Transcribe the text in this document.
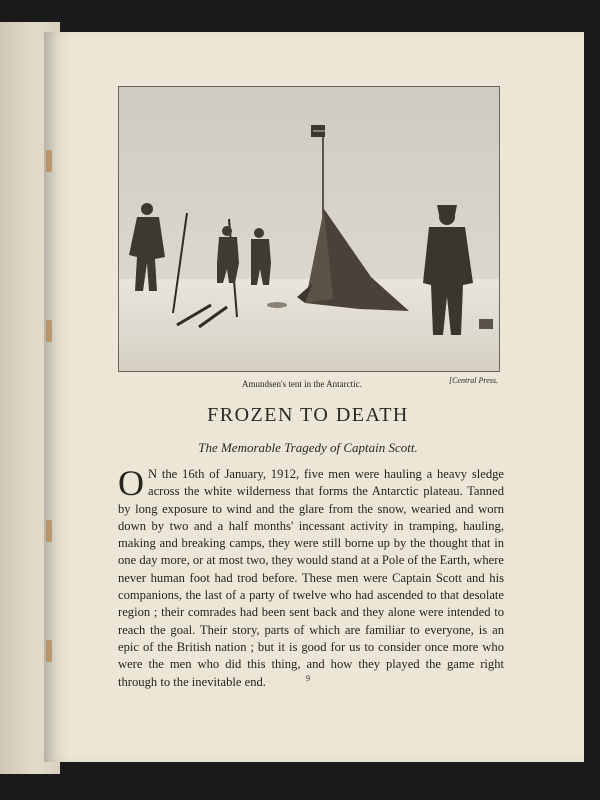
Amundsen's tent in the Antarctic.	[Central Press.
FROZEN TO DEATH
The Memorable Tragedy of Captain Scott.

O N the 16th of January, 1912, five men were hauling a heavy sledge across the white wilderness that forms the Antarctic plateau. Tanned by long exposure to wind and the glare from the snow, wearied and worn down by two and a half months' incessant activity in tramping, hauling, making and breaking camps, they were still borne up by the thought that in one day more, or at most two, they would stand at a Pole of the Earth, where never human foot had trod before. These men were Captain Scott and his companions, the last of a party of twelve who had ascended to that desolate region ; their comrades had been sent back and they alone were intended to reach the goal. Their story, parts of which are familiar to everyone, is an epic of the British nation ; but it is good for us to consider once more who were the men who did this thing, and how they played the game right through to the inevitable end.	9
